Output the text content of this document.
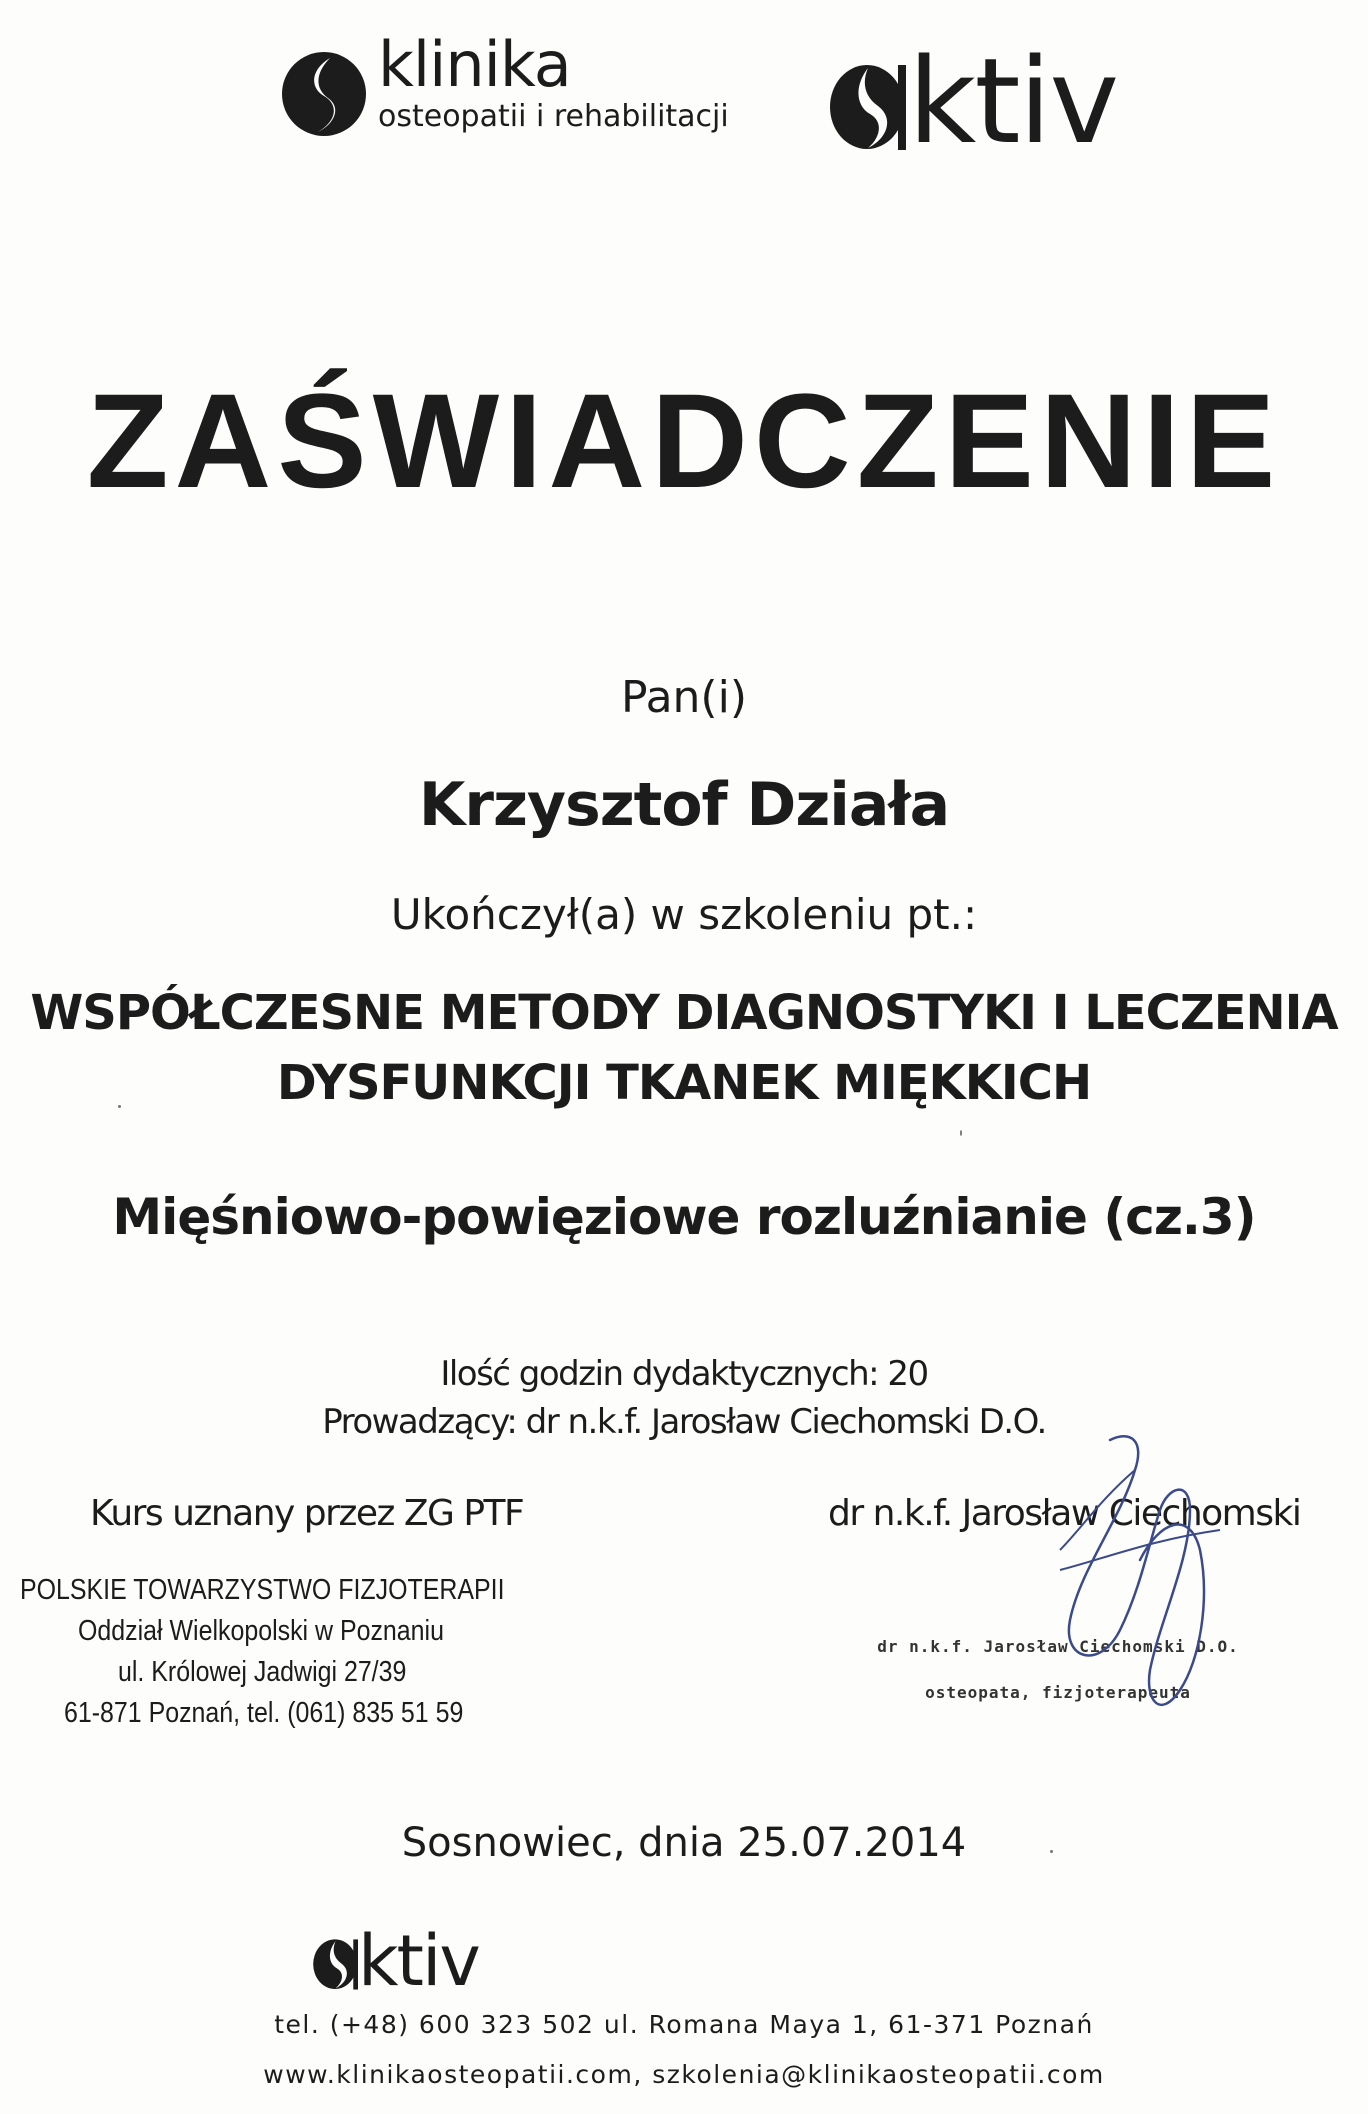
klinika
osteopatii i rehabilitacji ktiv
ZAŚWIADCZENIE
Pan(i)
Krzysztof Działa
Ukończył(a) w szkoleniu pt.:
WSPÓŁCZESNE METODY DIAGNOSTYKI I LECZENIA
DYSFUNKCJI TKANEK MIĘKKICH
Mięśniowo-powięziowe rozluźnianie (cz.3)
Ilość godzin dydaktycznych: 20
Prowadzący: dr n.k.f. Jarosław Ciechomski D.O.
Kurs uznany przez ZG PTF	dr n.k.f. Jarosław Ciechomski
POLSKIE TOWARZYSTWO FIZJOTERAPII
Oddział Wielkopolski w Poznaniu
ul. Królowej Jadwigi 27/39
61-871 Poznań, tel. (061) 835 51 59
dr n.k.f. Jarosław Ciechomski D.O.
osteopata, fizjoterapeuta
Sosnowiec, dnia 25.07.2014
ktiv
tel. (+48) 600 323 502 ul. Romana Maya 1, 61-371 Poznań
www.klinikaosteopatii.com, szkolenia@klinikaosteopatii.com
